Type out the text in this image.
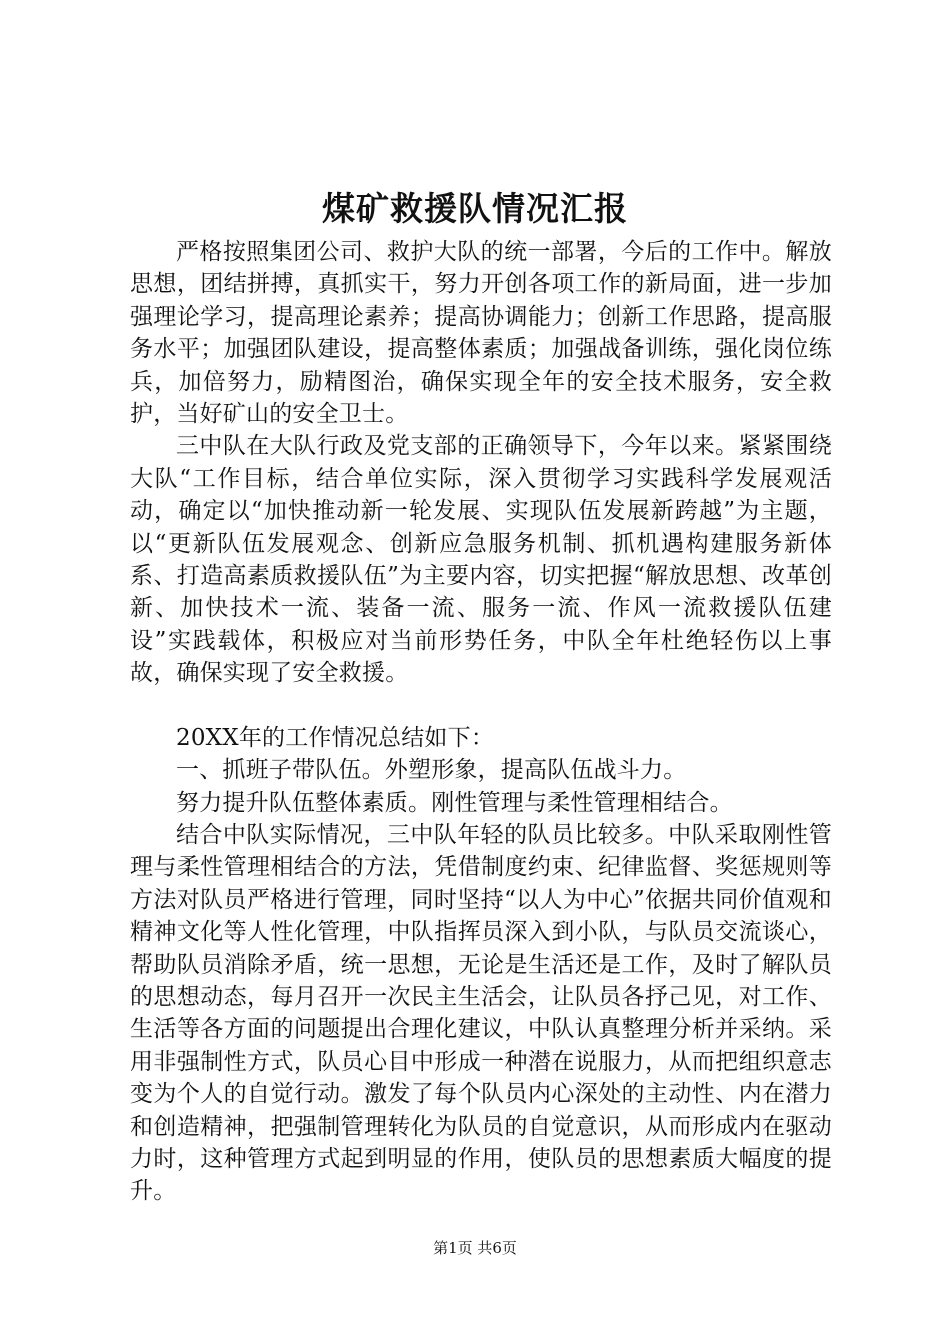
煤矿救援队情况汇报

严格按照集团公司、救护大队的统一部署，今后的工作中。解放思想，团结拼搏，真抓实干，努力开创各项工作的新局面，进一步加强理论学习，提高理论素养；提高协调能力；创新工作思路，提高服务水平；加强团队建设，提高整体素质；加强战备训练，强化岗位练兵，加倍努力，励精图治，确保实现全年的安全技术服务，安全救护，当好矿山的安全卫士。

三中队在大队行政及党支部的正确领导下，今年以来。紧紧围绕大队“工作目标，结合单位实际，深入贯彻学习实践科学发展观活动，确定以“加快推动新一轮发展、实现队伍发展新跨越”为主题，以“更新队伍发展观念、创新应急服务机制、抓机遇构建服务新体系、打造高素质救援队伍”为主要内容，切实把握“解放思想、改革创新、加快技术一流、装备一流、服务一流、作风一流救援队伍建设”实践载体，积极应对当前形势任务，中队全年杜绝轻伤以上事故，确保实现了安全救援。

20XX年的工作情况总结如下：

一、抓班子带队伍。外塑形象，提高队伍战斗力。

努力提升队伍整体素质。刚性管理与柔性管理相结合。

结合中队实际情况，三中队年轻的队员比较多。中队采取刚性管理与柔性管理相结合的方法，凭借制度约束、纪律监督、奖惩规则等方法对队员严格进行管理，同时坚持“以人为中心”依据共同价值观和精神文化等人性化管理，中队指挥员深入到小队，与队员交流谈心，帮助队员消除矛盾，统一思想，无论是生活还是工作，及时了解队员的思想动态，每月召开一次民主生活会，让队员各抒己见，对工作、生活等各方面的问题提出合理化建议，中队认真整理分析并采纳。采用非强制性方式，队员心目中形成一种潜在说服力，从而把组织意志变为个人的自觉行动。激发了每个队员内心深处的主动性、内在潜力和创造精神，把强制管理转化为队员的自觉意识，从而形成内在驱动力时，这种管理方式起到明显的作用，使队员的思想素质大幅度的提升。

第1页 共6页
